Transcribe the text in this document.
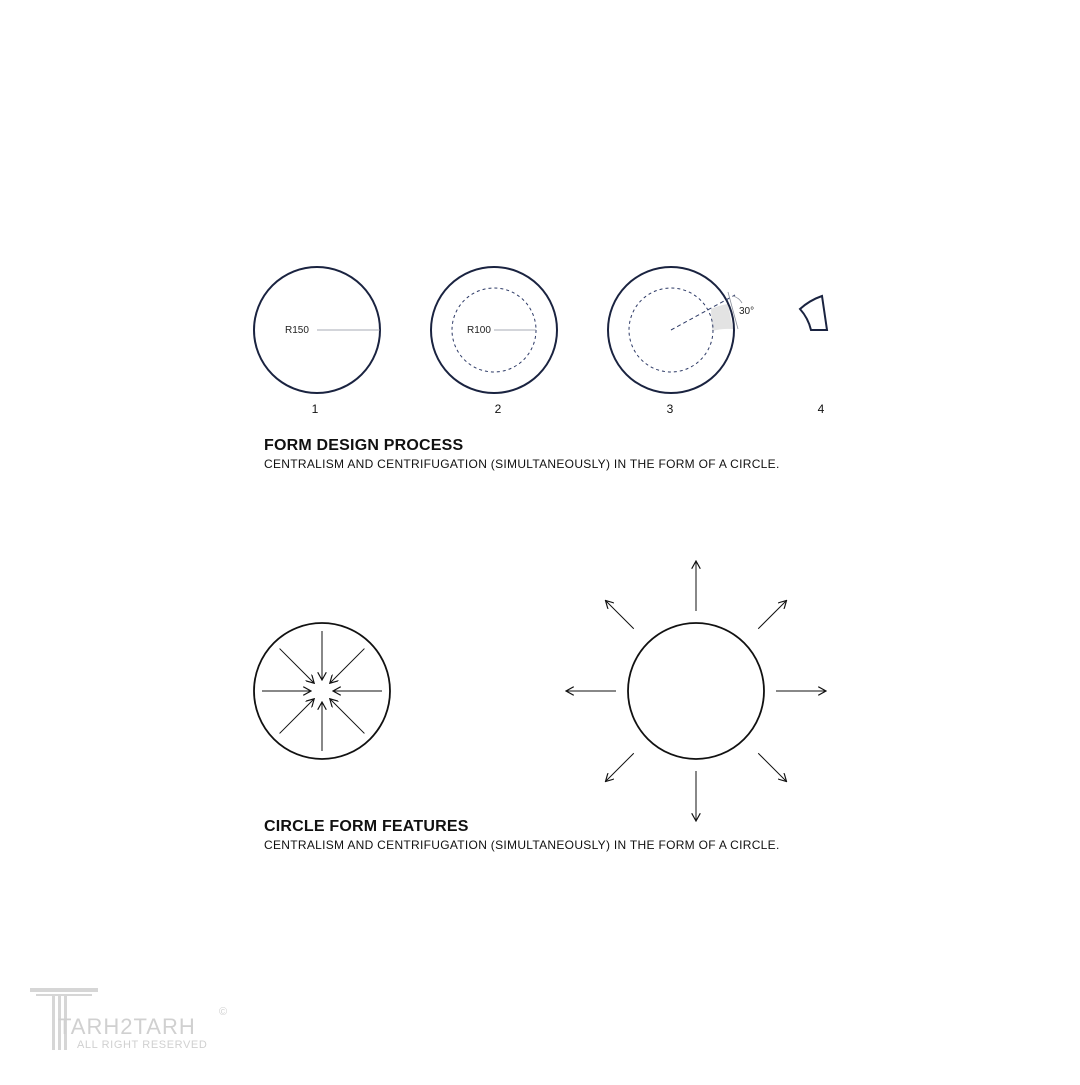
R150	R100
30°
TARH2TARH
©
ALL RIGHT RESERVED
1	2	3	4
FORM DESIGN PROCESS
CENTRALISM AND CENTRIFUGATION (SIMULTANEOUSLY) IN THE FORM OF A CIRCLE.
CIRCLE FORM FEATURES
CENTRALISM AND CENTRIFUGATION (SIMULTANEOUSLY) IN THE FORM OF A CIRCLE.
